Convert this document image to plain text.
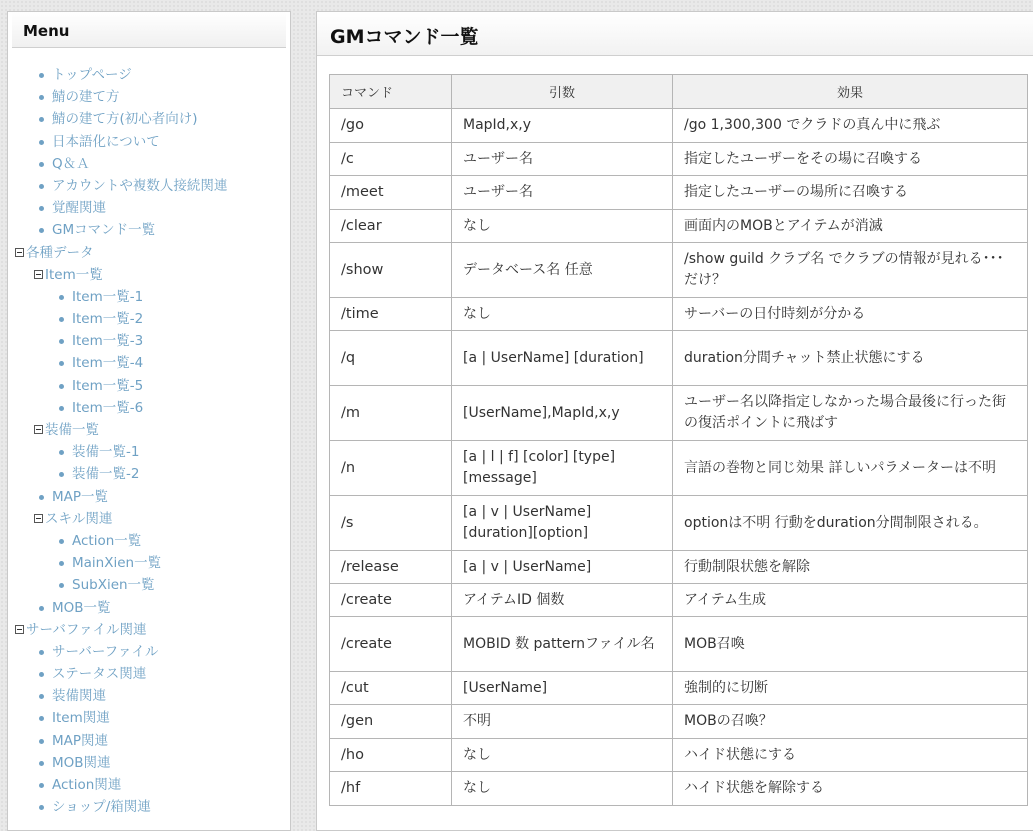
Menu
トップページ
鯖の建て方
鯖の建て方(初心者向け)
日本語化について
Q＆Ａ
アカウントや複数人接続関連
覚醒関連
GMコマンド一覧
各種データ
Item一覧
Item一覧-1
Item一覧-2
Item一覧-3
Item一覧-4
Item一覧-5
Item一覧-6
装備一覧
装備一覧-1
装備一覧-2
MAP一覧
スキル関連
Action一覧
MainXien一覧
SubXien一覧
MOB一覧
サーバファイル関連
サーバーファイル
ステータス関連
装備関連
Item関連
MAP関連
MOB関連
Action関連
ショップ/箱関連
GMコマンド一覧
コマンド	引数	効果
/go	MapId,x,y	/go 1,300,300 でクラドの真ん中に飛ぶ
/c	ユーザー名	指定したユーザーをその場に召喚する
/meet	ユーザー名	指定したユーザーの場所に召喚する
/clear	なし	画面内のMOBとアイテムが消滅
/show	データベース名 任意	/show guild クラブ名 でクラブの情報が見れる･･･だけ？
/time	なし	サーバーの日付時刻が分かる
/q	[a | UserName] [duration]	duration分間チャット禁止状態にする
/m	[UserName],MapId,x,y	ユーザー名以降指定しなかった場合最後に行った街の復活ポイントに飛ばす
/n	[a | l | f] [color] [type] [message]	言語の巻物と同じ効果 詳しいパラメーターは不明
/s	[a | v | UserName][duration][option]	optionは不明 行動をduration分間制限される。
/release	[a | v | UserName]	行動制限状態を解除
/create	アイテムID 個数	アイテム生成
/create	MOBID 数 patternファイル名	MOB召喚
/cut	[UserName]	強制的に切断
/gen	不明	MOBの召喚？
/ho	なし	ハイド状態にする
/hf	なし	ハイド状態を解除する
